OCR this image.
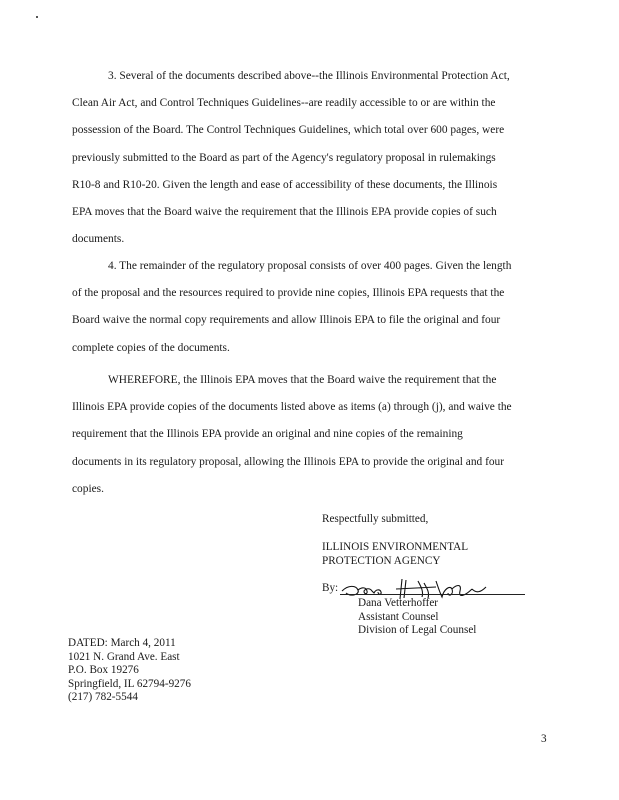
3. Several of the documents described above--the Illinois Environmental Protection Act,
Clean Air Act, and Control Techniques Guidelines--are readily accessible to or are within the
possession of the Board. The Control Techniques Guidelines, which total over 600 pages, were
previously submitted to the Board as part of the Agency's regulatory proposal in rulemakings
R10-8 and R10-20. Given the length and ease of accessibility of these documents, the Illinois
EPA moves that the Board waive the requirement that the Illinois EPA provide copies of such
documents.
4. The remainder of the regulatory proposal consists of over 400 pages. Given the length
of the proposal and the resources required to provide nine copies, Illinois EPA requests that the
Board waive the normal copy requirements and allow Illinois EPA to file the original and four
complete copies of the documents.
WHEREFORE, the Illinois EPA moves that the Board waive the requirement that the
Illinois EPA provide copies of the documents listed above as items (a) through (j), and waive the
requirement that the Illinois EPA provide an original and nine copies of the remaining
documents in its regulatory proposal, allowing the Illinois EPA to provide the original and four
copies.
Respectfully submitted,
ILLINOIS ENVIRONMENTAL
PROTECTION AGENCY
By:
Dana Vetterhoffer
Assistant Counsel
Division of Legal Counsel
DATED: March 4, 2011
1021 N. Grand Ave. East
P.O. Box 19276
Springfield, IL 62794-9276
(217) 782-5544
3
